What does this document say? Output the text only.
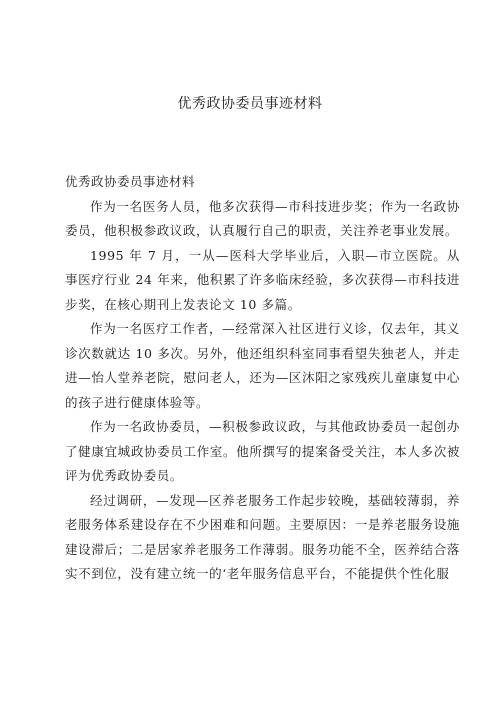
优秀政协委员事迹材料

优秀政协委员事迹材料

作为一名医务人员，他多次获得—市科技进步奖；作为一名政协委员，他积极参政议政，认真履行自己的职责，关注养老事业发展。

1995 年 7 月，一从—医科大学毕业后，入职—市立医院。从事医疗行业 24 年来，他积累了许多临床经验，多次获得—市科技进步奖，在核心期刊上发表论文 10 多篇。

作为一名医疗工作者，—经常深入社区进行义诊，仅去年，其义诊次数就达 10 多次。另外，他还组织科室同事看望失独老人，并走进—怡人堂养老院，慰问老人，还为—区沐阳之家残疾儿童康复中心的孩子进行健康体验等。

作为一名政协委员，—积极参政议政，与其他政协委员一起创办了健康宜城政协委员工作室。他所撰写的提案备受关注，本人多次被评为优秀政协委员。

经过调研，—发现—区养老服务工作起步较晚，基础较薄弱，养老服务体系建设存在不少困难和问题。主要原因：一是养老服务设施建设滞后；二是居家养老服务工作薄弱。服务功能不全，医养结合落实不到位，没有建立统一的‘老年服务信息平台，不能提供个性化服
